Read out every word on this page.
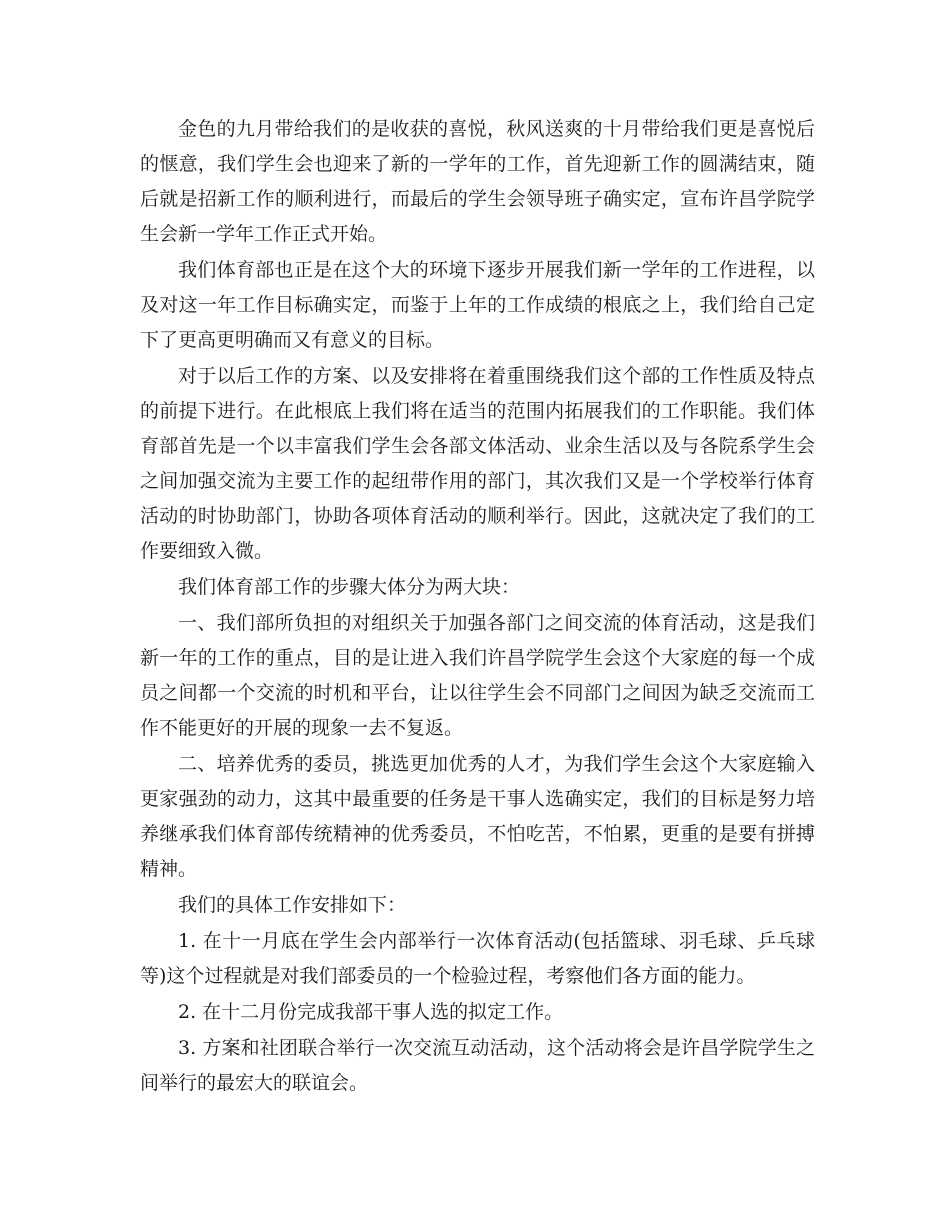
金色的九月带给我们的是收获的喜悦，秋风送爽的十月带给我们更是喜悦后的惬意，我们学生会也迎来了新的一学年的工作，首先迎新工作的圆满结束，随后就是招新工作的顺利进行，而最后的学生会领导班子确实定，宣布许昌学院学生会新一学年工作正式开始。

我们体育部也正是在这个大的环境下逐步开展我们新一学年的工作进程，以及对这一年工作目标确实定，而鉴于上年的工作成绩的根底之上，我们给自己定下了更高更明确而又有意义的目标。

对于以后工作的方案、以及安排将在着重围绕我们这个部的工作性质及特点的前提下进行。在此根底上我们将在适当的范围内拓展我们的工作职能。我们体育部首先是一个以丰富我们学生会各部文体活动、业余生活以及与各院系学生会之间加强交流为主要工作的起纽带作用的部门，其次我们又是一个学校举行体育活动的时协助部门，协助各项体育活动的顺利举行。因此，这就决定了我们的工作要细致入微。

我们体育部工作的步骤大体分为两大块：

一、我们部所负担的对组织关于加强各部门之间交流的体育活动，这是我们新一年的工作的重点，目的是让进入我们许昌学院学生会这个大家庭的每一个成员之间都一个交流的时机和平台，让以往学生会不同部门之间因为缺乏交流而工作不能更好的开展的现象一去不复返。

二、培养优秀的委员，挑选更加优秀的人才，为我们学生会这个大家庭输入更家强劲的动力，这其中最重要的任务是干事人选确实定，我们的目标是努力培养继承我们体育部传统精神的优秀委员，不怕吃苦，不怕累，更重的是要有拼搏精神。

我们的具体工作安排如下：

1. 在十一月底在学生会内部举行一次体育活动(包括篮球、羽毛球、乒乓球等)这个过程就是对我们部委员的一个检验过程，考察他们各方面的能力。

2. 在十二月份完成我部干事人选的拟定工作。

3. 方案和社团联合举行一次交流互动活动，这个活动将会是许昌学院学生之间举行的最宏大的联谊会。
